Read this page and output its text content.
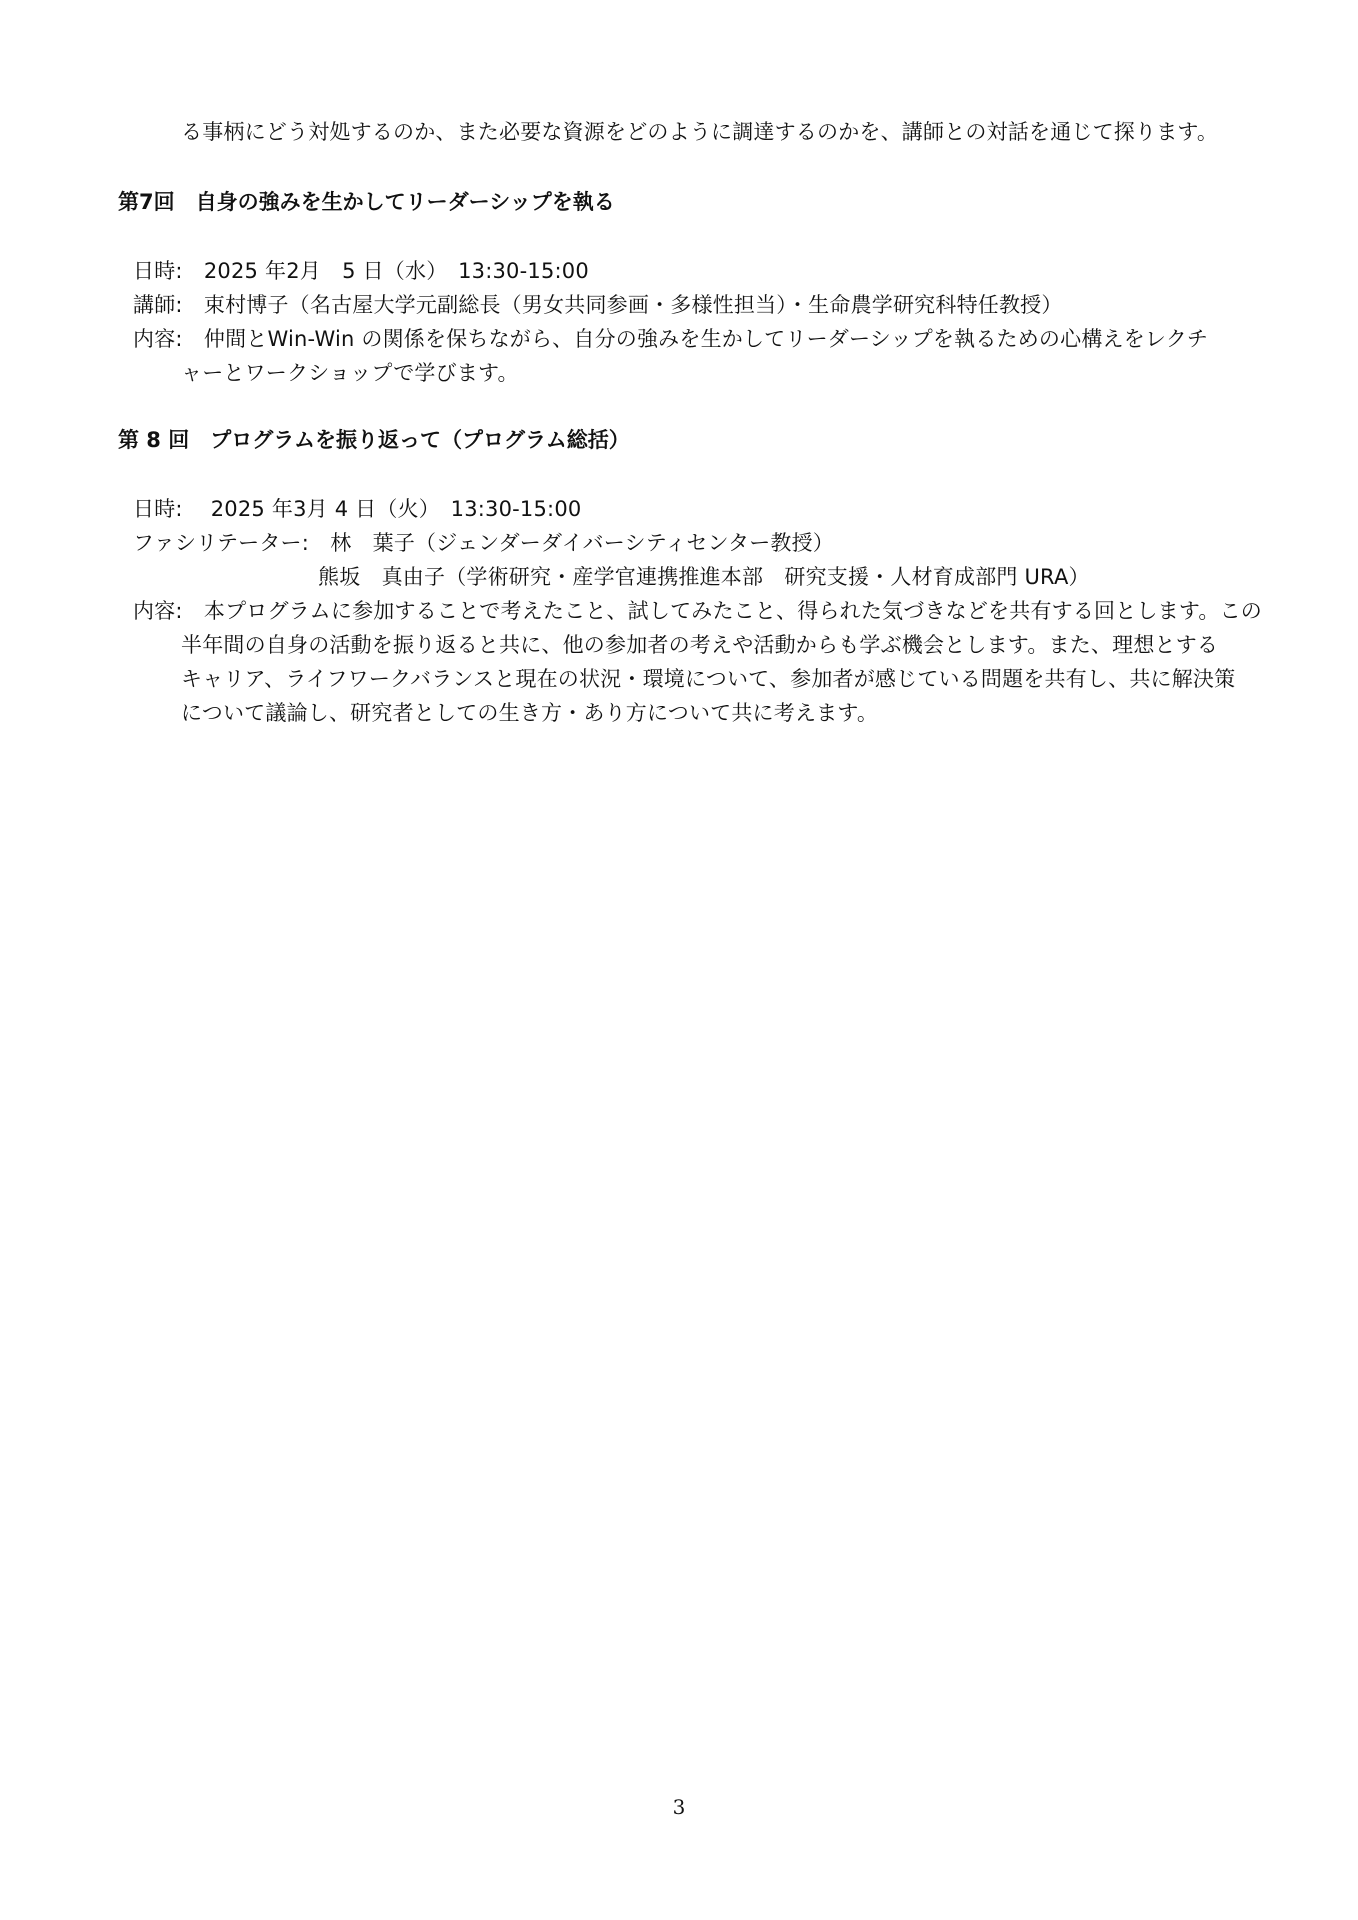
る事柄にどう対処するのか、また必要な資源をどのように調達するのかを、講師との対話を通じて探ります。
第7回　自身の強みを生かしてリーダーシップを執る
日時:　2025 年2月　5 日（水）　13:30-15:00
講師:　束村博子（名古屋大学元副総長（男女共同参画・多様性担当）・生命農学研究科特任教授）
内容:　仲間とWin-Win の関係を保ちながら、自分の強みを生かしてリーダーシップを執るための心構えをレクチ
ャーとワークショップで学びます。
第 8 回　プログラムを振り返って（プログラム総括）
日時:　 2025 年3月 4 日（火）　13:30-15:00
ファシリテーター:　林　葉子（ジェンダーダイバーシティセンター教授）
熊坂　真由子（学術研究・産学官連携推進本部　研究支援・人材育成部門 URA）
内容:　本プログラムに参加することで考えたこと、試してみたこと、得られた気づきなどを共有する回とします。この
半年間の自身の活動を振り返ると共に、他の参加者の考えや活動からも学ぶ機会とします。また、理想とする
キャリア、ライフワークバランスと現在の状況・環境について、参加者が感じている問題を共有し、共に解決策
について議論し、研究者としての生き方・あり方について共に考えます。
3
